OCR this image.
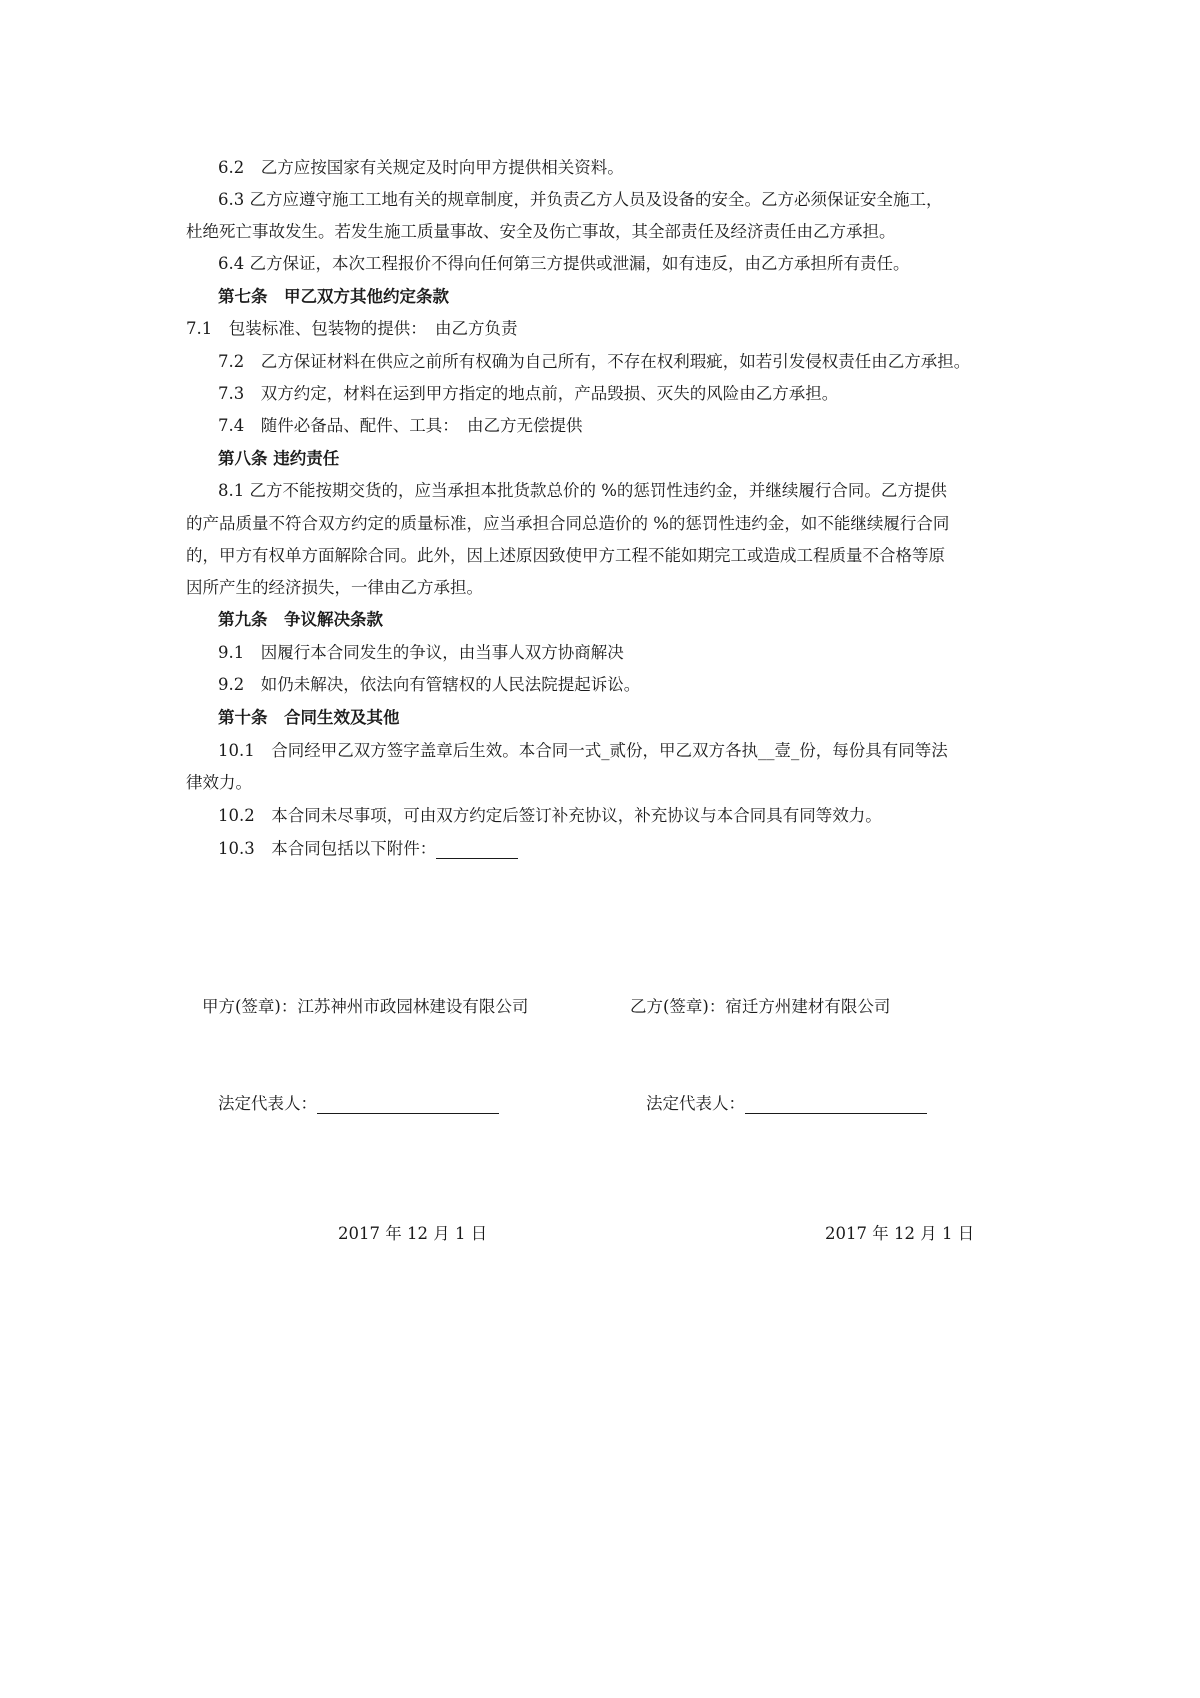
6.2　乙方应按国家有关规定及时向甲方提供相关资料。
6.3 乙方应遵守施工工地有关的规章制度，并负责乙方人员及设备的安全。乙方必须保证安全施工，
杜绝死亡事故发生。若发生施工质量事故、安全及伤亡事故，其全部责任及经济责任由乙方承担。
6.4 乙方保证，本次工程报价不得向任何第三方提供或泄漏，如有违反，由乙方承担所有责任。
第七条　甲乙双方其他约定条款
7.1　包装标准、包装物的提供：　由乙方负责
7.2　乙方保证材料在供应之前所有权确为自己所有，不存在权利瑕疵，如若引发侵权责任由乙方承担。
7.3　双方约定，材料在运到甲方指定的地点前，产品毁损、灭失的风险由乙方承担。
7.4　随件必备品、配件、工具：　由乙方无偿提供
第八条 违约责任
8.1 乙方不能按期交货的，应当承担本批货款总价的 %的惩罚性违约金，并继续履行合同。乙方提供
的产品质量不符合双方约定的质量标准，应当承担合同总造价的 %的惩罚性违约金，如不能继续履行合同
的，甲方有权单方面解除合同。此外，因上述原因致使甲方工程不能如期完工或造成工程质量不合格等原
因所产生的经济损失，一律由乙方承担。
第九条　争议解决条款
9.1　因履行本合同发生的争议，由当事人双方协商解决
9.2　如仍未解决，依法向有管辖权的人民法院提起诉讼。
第十条　合同生效及其他
10.1　合同经甲乙双方签字盖章后生效。本合同一式_贰份，甲乙双方各执__壹_份，每份具有同等法
律效力。
10.2　本合同未尽事项，可由双方约定后签订补充协议，补充协议与本合同具有同等效力。
10.3　本合同包括以下附件：
甲方(签章)：江苏神州市政园林建设有限公司	乙方(签章)：宿迁方州建材有限公司
法定代表人：	法定代表人：
2017 年 12 月 1 日	2017 年 12 月 1 日
